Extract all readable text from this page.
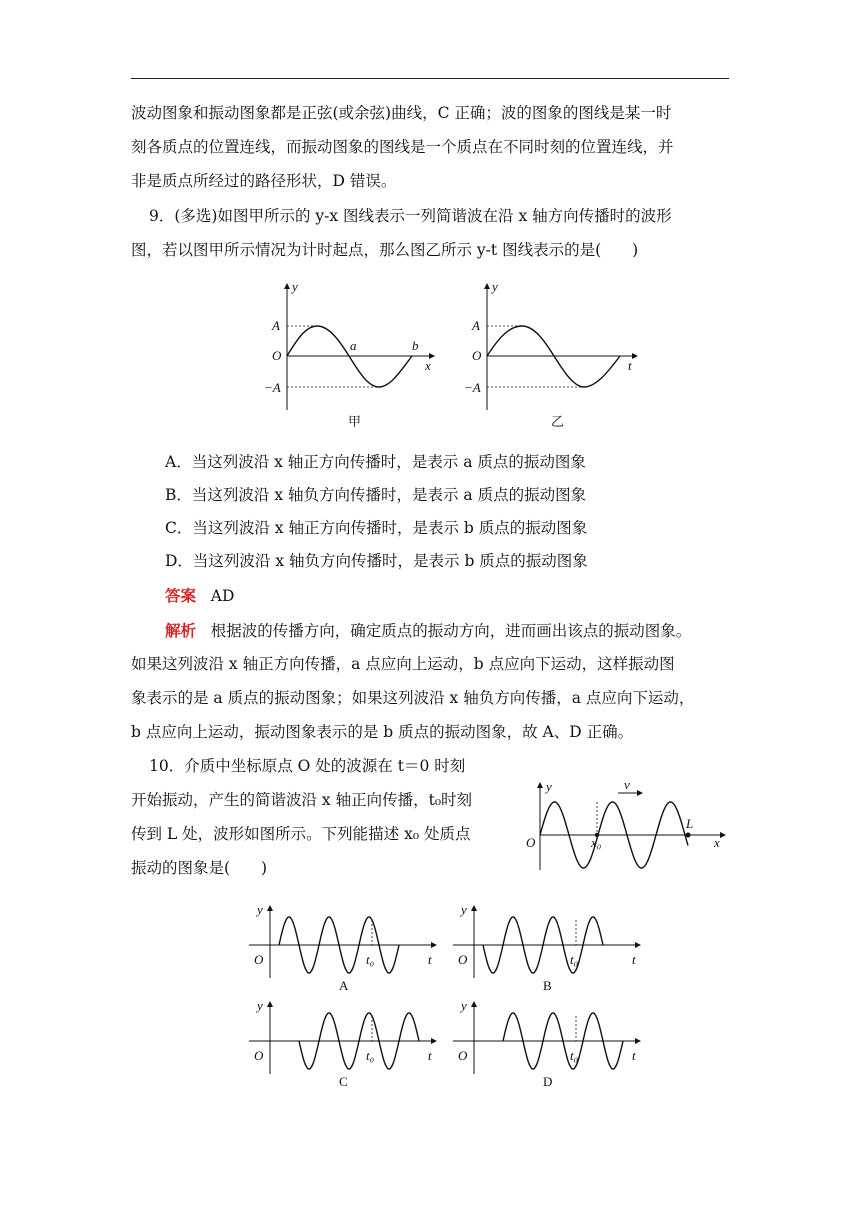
波动图象和振动图象都是正弦(或余弦)曲线，C 正确；波的图象的图线是某一时

刻各质点的位置连线，而振动图象的图线是一个质点在不同时刻的位置连线，并

非是质点所经过的路径形状，D 错误。

9．(多选)如图甲所示的 y-x 图线表示一列简谐波在沿 x 轴方向传播时的波形

图，若以图甲所示情况为计时起点，那么图乙所示 y-t 图线表示的是(　　)

y
A
O
−A
a	b
x
甲
y
A
O
−A
t
乙

A．当这列波沿 x 轴正方向传播时，是表示 a 质点的振动图象

B．当这列波沿 x 轴负方向传播时，是表示 a 质点的振动图象

C．当这列波沿 x 轴正方向传播时，是表示 b 质点的振动图象

D．当这列波沿 x 轴负方向传播时，是表示 b 质点的振动图象

答案 AD

解析 根据波的传播方向，确定质点的振动方向，进而画出该点的振动图象。

如果这列波沿 x 轴正方向传播，a 点应向上运动，b 点应向下运动，这样振动图

象表示的是 a 质点的振动图象；如果这列波沿 x 轴负方向传播，a 点应向下运动，

b 点应向上运动，振动图象表示的是 b 质点的振动图象，故 A、D 正确。

10．介质中坐标原点 O 处的波源在 t＝0 时刻

开始振动，产生的简谐波沿 x 轴正向传播，t₀时刻

传到 L 处，波形如图所示。下列能描述 x₀ 处质点

振动的图象是(　　)

y	v
O	x₀
L
x
y
O	t₀	t
A
y
O	t₀	t
B
y
O	t₀	t
C
y
O	t₀	t
D
